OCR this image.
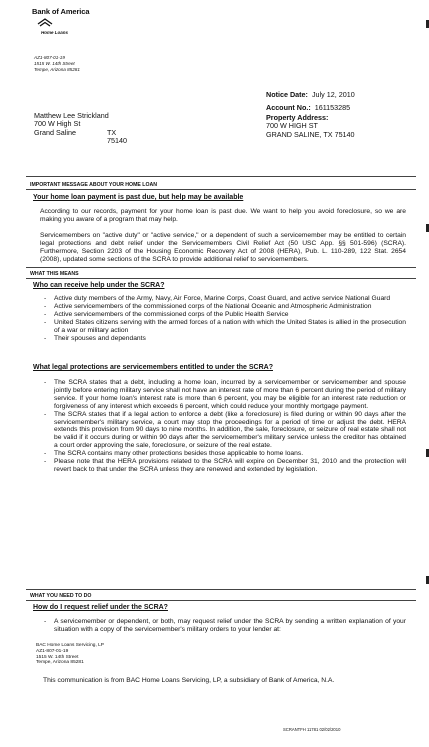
Bank of America
Home Loans
AZ1-807-01-19
1515 W. 14th Street
Tempe, Arizona 85281
Notice Date: July 12, 2010
Account No.: 161153285
Matthew Lee Strickland
700 W High St
Grand Saline	TX 75140
Property Address:
700 W HIGH ST
GRAND SALINE, TX 75140
IMPORTANT MESSAGE ABOUT YOUR HOME LOAN
Your home loan payment is past due, but help may be available
According to our records, payment for your home loan is past due. We want to help you avoid foreclosure, so we are making you aware of a program that may help.
Servicemembers on "active duty" or "active service," or a dependent of such a servicemember may be entitled to certain legal protections and debt relief under the Servicemembers Civil Relief Act (50 USC App. §§ 501-596) (SCRA). Furthermore, Section 2203 of the Housing Economic Recovery Act of 2008 (HERA), Pub. L. 110-289, 122 Stat. 2654 (2008), updated some sections of the SCRA to provide additional relief to servicemembers.
WHAT THIS MEANS
Who can receive help under the SCRA?
- Active duty members of the Army, Navy, Air Force, Marine Corps, Coast Guard, and active service National Guard
- Active servicemembers of the commissioned corps of the National Oceanic and Atmospheric Administration
- Active servicemembers of the commissioned corps of the Public Health Service
- United States citizens serving with the armed forces of a nation with which the United States is allied in the prosecution of a war or military action
- Their spouses and dependants
What legal protections are servicemembers entitled to under the SCRA?
- The SCRA states that a debt, including a home loan, incurred by a servicemember or servicemember and spouse jointly before entering military service shall not have an interest rate of more than 6 percent during the period of military service. If your home loan's interest rate is more than 6 percent, you may be eligible for an interest rate reduction or forgiveness of any interest which exceeds 6 percent, which could reduce your monthly mortgage payment.
- The SCRA states that if a legal action to enforce a debt (like a foreclosure) is filed during or within 90 days after the servicemember's military service, a court may stop the proceedings for a period of time or adjust the debt. HERA extends this provision from 90 days to nine months. In addition, the sale, foreclosure, or seizure of real estate shall not be valid if it occurs during or within 90 days after the servicemember's military service unless the creditor has obtained a court order approving the sale, foreclosure, or seizure of the real estate.
- The SCRA contains many other protections besides those applicable to home loans.
- Please note that the HERA provisions related to the SCRA will expire on December 31, 2010 and the protection will revert back to that under the SCRA unless they are renewed and extended by legislation.
WHAT YOU NEED TO DO
How do I request relief under the SCRA?
- A servicemember or dependent, or both, may request relief under the SCRA by sending a written explanation of your situation with a copy of the servicemember's military orders to your lender at:
BAC Home Loans Servicing, LP
AZ1-807-01-19
1515 W. 14th Street
Tempe, Arizona 85281
This communication is from BAC Home Loans Servicing, LP, a subsidiary of Bank of America, N.A.
SCRANTFH 11781 02/02/2010
